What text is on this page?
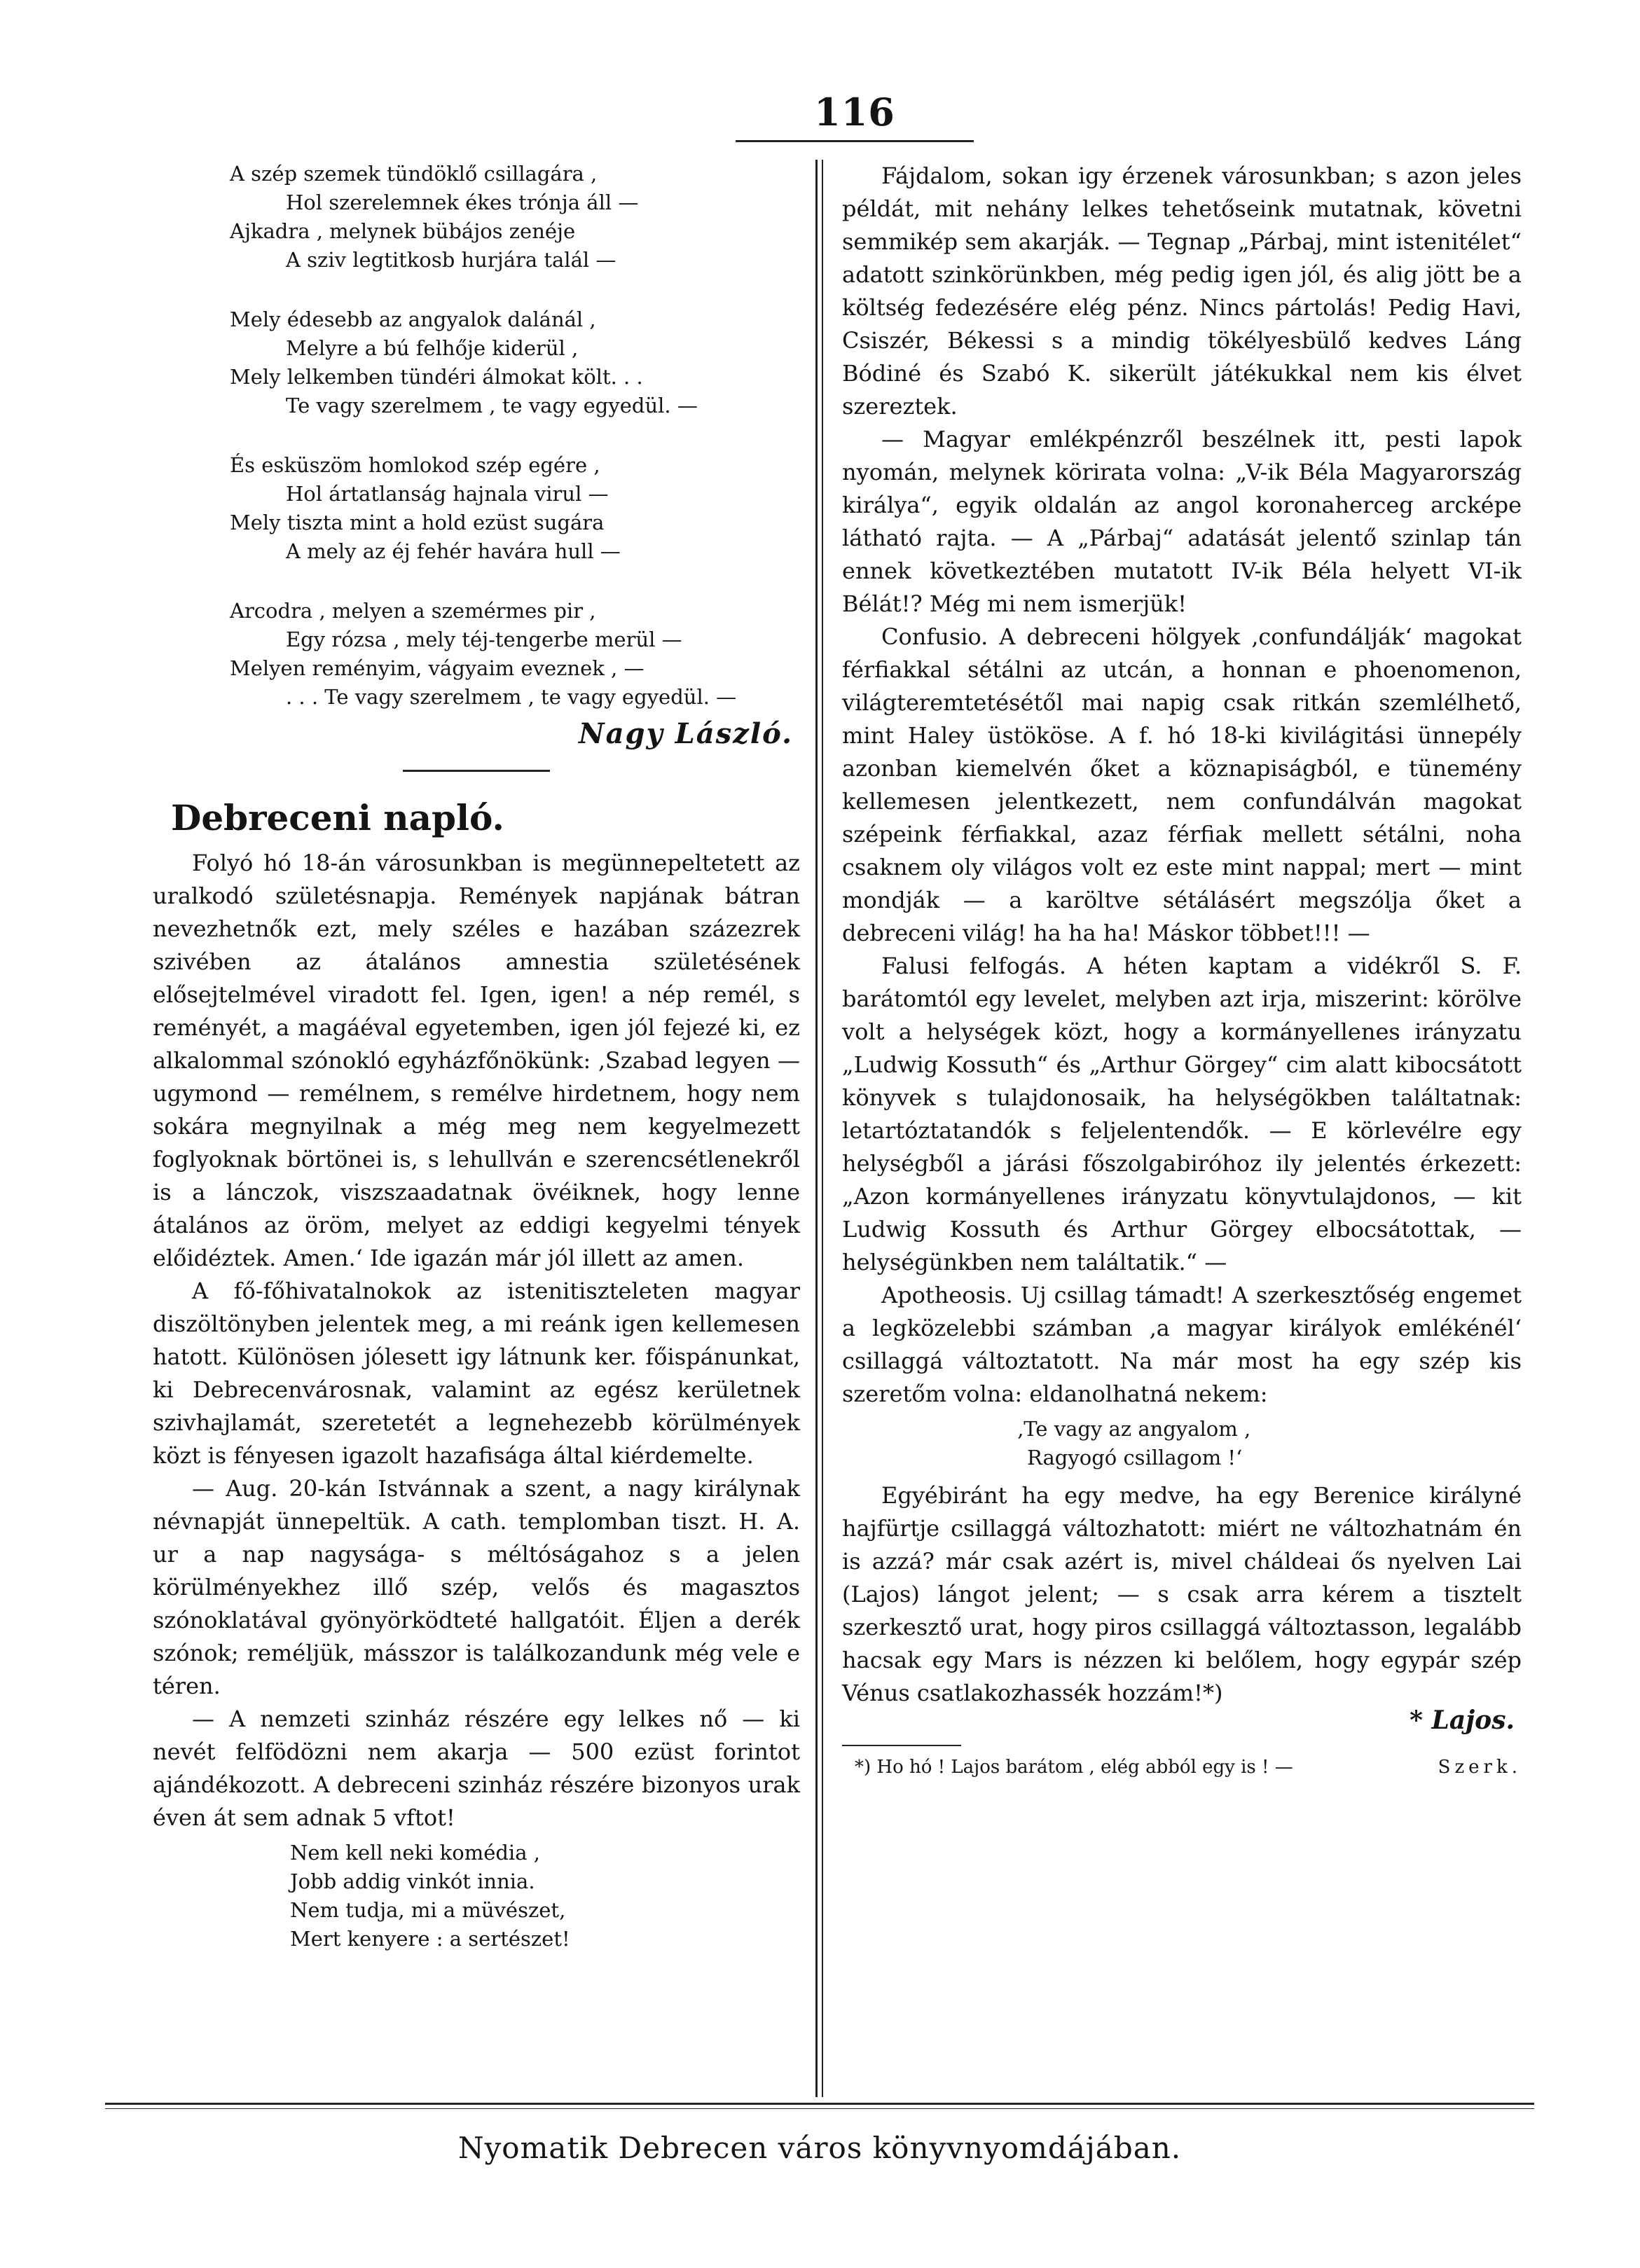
116
A szép szemek tündöklő csillagára ,
Hol szerelemnek ékes trónja áll —
Ajkadra , melynek bübájos zenéje
A sziv legtitkosb hurjára talál —
Mely édesebb az angyalok dalánál ,
Melyre a bú felhője kiderül ,
Mely lelkemben tündéri álmokat költ. . .
Te vagy szerelmem , te vagy egyedül. —
És esküszöm homlokod szép egére ,
Hol ártatlanság hajnala virul —
Mely tiszta mint a hold ezüst sugára
A mely az éj fehér havára hull —
Arcodra , melyen a szemérmes pir ,
Egy rózsa , mely téj-tengerbe merül —
Melyen reményim, vágyaim eveznek , —
. . . Te vagy szerelmem , te vagy egyedül. —
Nagy László.
Debreceni napló.

Folyó hó 18-án városunkban is megünnepeltetett az uralkodó születésnapja. Remények napjának bátran nevezhetnők ezt, mely széles e hazában százezrek szivében az átalános amnestia születésének elősejtelmével viradott fel. Igen, igen! a nép remél, s reményét, a magáéval egyetemben, igen jól fejezé ki, ez alkalommal szónokló egyházfőnökünk: ‚Szabad legyen — ugymond — remélnem, s remélve hirdetnem, hogy nem sokára megnyilnak a még meg nem kegyelmezett foglyoknak börtönei is, s lehullván e szerencsétlenekről is a lánczok, viszszaadatnak övéiknek, hogy lenne átalános az öröm, melyet az eddigi kegyelmi tények előidéztek. Amen.‘ Ide igazán már jól illett az amen.

A fő-főhivatalnokok az istenitiszteleten magyar diszöltönyben jelentek meg, a mi reánk igen kellemesen hatott. Különösen jólesett igy látnunk ker. főispánunkat, ki Debrecenvárosnak, valamint az egész kerületnek szivhajlamát, szeretetét a legnehezebb körülmények közt is fényesen igazolt hazafisága által kiérdemelte.

— Aug. 20-kán Istvánnak a szent, a nagy királynak névnapját ünnepeltük. A cath. templomban tiszt. H. A. ur a nap nagysága- s méltóságahoz s a jelen körülményekhez illő szép, velős és magasztos szónoklatával gyönyörködteté hallgatóit. Éljen a derék szónok; reméljük, másszor is találkozandunk még vele e téren.

— A nemzeti szinház részére egy lelkes nő — ki nevét felfödözni nem akarja — 500 ezüst forintot ajándékozott. A debreceni szinház részére bizonyos urak éven át sem adnak 5 vftot!

Nem kell neki komédia ,
Jobb addig vinkót innia.
Nem tudja, mi a müvészet,
Mert kenyere : a sertészet!

Fájdalom, sokan igy érzenek városunkban; s azon jeles példát, mit nehány lelkes tehetőseink mutatnak, követni semmikép sem akarják. — Tegnap „Párbaj, mint istenitélet“ adatott szinkörünkben, még pedig igen jól, és alig jött be a költség fedezésére elég pénz. Nincs pártolás! Pedig Havi, Csiszér, Békessi s a mindig tökélyesbülő kedves Láng Bódiné és Szabó K. sikerült játékukkal nem kis élvet szereztek.

— Magyar emlékpénzről beszélnek itt, pesti lapok nyomán, melynek körirata volna: „V-ik Béla Magyarország királya“, egyik oldalán az angol koronaherceg arcképe látható rajta. — A „Párbaj“ adatását jelentő szinlap tán ennek következtében mutatott IV-ik Béla helyett VI-ik Bélát!? Még mi nem ismerjük!

Confusio. A debreceni hölgyek ‚confundálják‘ magokat férfiakkal sétálni az utcán, a honnan e phoenomenon, világteremtetésétől mai napig csak ritkán szemlélhető, mint Haley üstököse. A f. hó 18-ki kivilágitási ünnepély azonban kiemelvén őket a köznapiságból, e tünemény kellemesen jelentkezett, nem confundálván magokat szépeink férfiakkal, azaz férfiak mellett sétálni, noha csaknem oly világos volt ez este mint nappal; mert — mint mondják — a karöltve sétálásért megszólja őket a debreceni világ! ha ha ha! Máskor többet!!! —

Falusi felfogás. A héten kaptam a vidékről S. F. barátomtól egy levelet, melyben azt irja, miszerint: körölve volt a helységek közt, hogy a kormányellenes irányzatu „Ludwig Kossuth“ és „Arthur Görgey“ cim alatt kibocsátott könyvek s tulajdonosaik, ha helységökben találtatnak: letartóztatandók s feljelentendők. — E körlevélre egy helységből a járási főszolgabiróhoz ily jelentés érkezett: „Azon kormányellenes irányzatu könyvtulajdonos, — kit Ludwig Kossuth és Arthur Görgey elbocsátottak, — helységünkben nem találtatik.“ —

Apotheosis. Uj csillag támadt! A szerkesztőség engemet a legközelebbi számban ‚a magyar királyok emlékénél‘ csillaggá változtatott. Na már most ha egy szép kis szeretőm volna: eldanolhatná nekem:

‚Te vagy az angyalom ,
Ragyogó csillagom !‘

Egyébiránt ha egy medve, ha egy Berenice királyné hajfürtje csillaggá változhatott: miért ne változhatnám én is azzá? már csak azért is, mivel cháldeai ős nyelven Lai (Lajos) lángot jelent; — s csak arra kérem a tisztelt szerkesztő urat, hogy piros csillaggá változtasson, legalább hacsak egy Mars is nézzen ki belőlem, hogy egypár szép Vénus csatlakozhassék hozzám!*)

* Lajos.
*) Ho hó ! Lajos barátom , elég abból egy is ! —	Szerk.
Nyomatik Debrecen város könyvnyomdájában.
